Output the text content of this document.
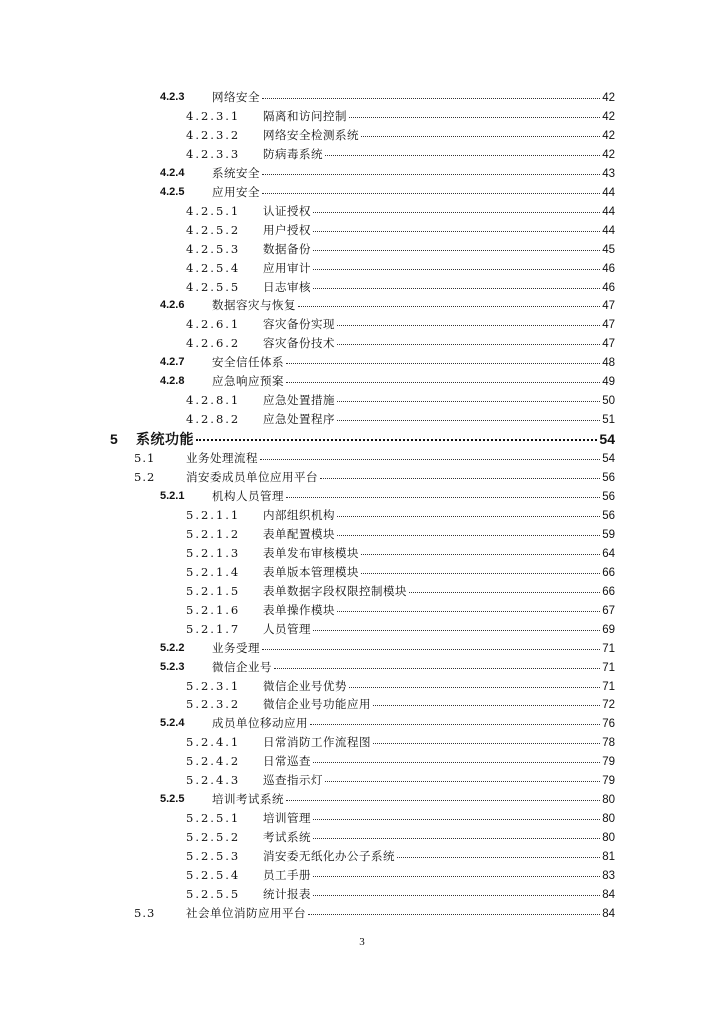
4.2.3 网络安全	42
4.2.3.1 隔离和访问控制	42
4.2.3.2 网络安全检测系统	42
4.2.3.3 防病毒系统	42
4.2.4 系统安全	43
4.2.5 应用安全	44
4.2.5.1 认证授权	44
4.2.5.2 用户授权	44
4.2.5.3 数据备份	45
4.2.5.4 应用审计	46
4.2.5.5 日志审核	46
4.2.6 数据容灾与恢复	47
4.2.6.1 容灾备份实现	47
4.2.6.2 容灾备份技术	47
4.2.7 安全信任体系	48
4.2.8 应急响应预案	49
4.2.8.1 应急处置措施	50
4.2.8.2 应急处置程序	51
5 系统功能	54
5.1	业务处理流程	54
5.2	消安委成员单位应用平台	56
5.2.1 机构人员管理	56
5.2.1.1 内部组织机构	56
5.2.1.2 表单配置模块	59
5.2.1.3 表单发布审核模块	64
5.2.1.4 表单版本管理模块	66
5.2.1.5 表单数据字段权限控制模块	66
5.2.1.6 表单操作模块	67
5.2.1.7 人员管理	69
5.2.2 业务受理	71
5.2.3 微信企业号	71
5.2.3.1 微信企业号优势	71
5.2.3.2 微信企业号功能应用	72
5.2.4 成员单位移动应用	76
5.2.4.1 日常消防工作流程图	78
5.2.4.2 日常巡查	79
5.2.4.3 巡查指示灯	79
5.2.5 培训考试系统	80
5.2.5.1 培训管理	80
5.2.5.2 考试系统	80
5.2.5.3 消安委无纸化办公子系统	81
5.2.5.4 员工手册	83
5.2.5.5 统计报表	84
5.3	社会单位消防应用平台	84
3
